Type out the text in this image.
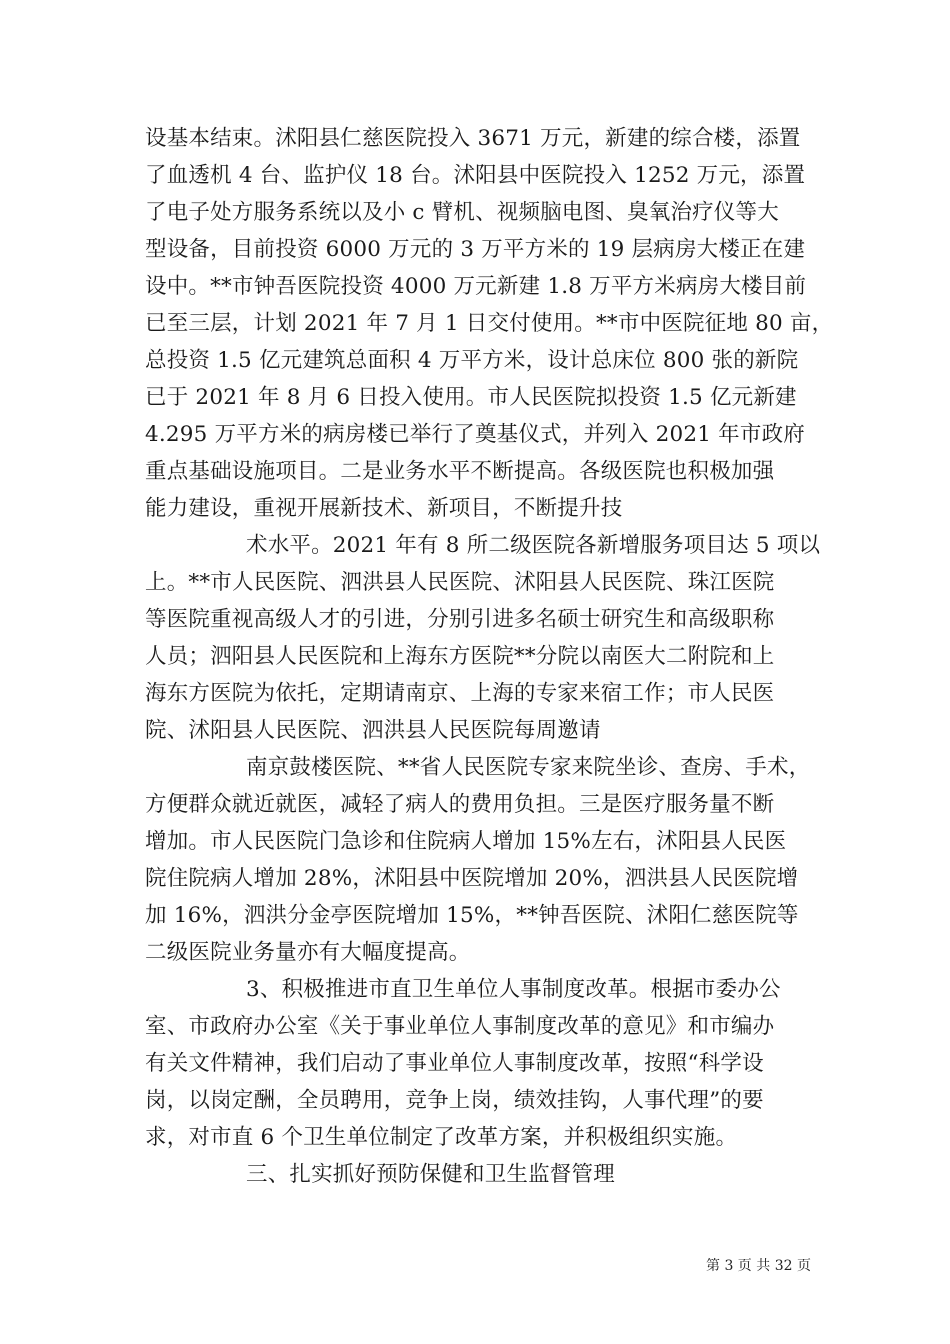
设基本结束。沭阳县仁慈医院投入 3671 万元，新建的综合楼，添置
了血透机 4 台、监护仪 18 台。沭阳县中医院投入 1252 万元，添置
了电子处方服务系统以及小 c 臂机、视频脑电图、臭氧治疗仪等大
型设备，目前投资 6000 万元的 3 万平方米的 19 层病房大楼正在建
设中。**市钟吾医院投资 4000 万元新建 1.8 万平方米病房大楼目前
已至三层，计划 2021 年 7 月 1 日交付使用。**市中医院征地 80 亩，
总投资 1.5 亿元建筑总面积 4 万平方米，设计总床位 800 张的新院
已于 2021 年 8 月 6 日投入使用。市人民医院拟投资 1.5 亿元新建
4.295 万平方米的病房楼已举行了奠基仪式，并列入 2021 年市政府
重点基础设施项目。二是业务水平不断提高。各级医院也积极加强
能力建设，重视开展新技术、新项目，不断提升技
术水平。2021 年有 8 所二级医院各新增服务项目达 5 项以
上。**市人民医院、泗洪县人民医院、沭阳县人民医院、珠江医院
等医院重视高级人才的引进，分别引进多名硕士研究生和高级职称
人员；泗阳县人民医院和上海东方医院**分院以南医大二附院和上
海东方医院为依托，定期请南京、上海的专家来宿工作；市人民医
院、沭阳县人民医院、泗洪县人民医院每周邀请
南京鼓楼医院、**省人民医院专家来院坐诊、查房、手术，
方便群众就近就医，减轻了病人的费用负担。三是医疗服务量不断
增加。市人民医院门急诊和住院病人增加 15%左右，沭阳县人民医
院住院病人增加 28%，沭阳县中医院增加 20%，泗洪县人民医院增
加 16%，泗洪分金亭医院增加 15%，**钟吾医院、沭阳仁慈医院等
二级医院业务量亦有大幅度提高。
3、积极推进市直卫生单位人事制度改革。根据市委办公
室、市政府办公室《关于事业单位人事制度改革的意见》和市编办
有关文件精神，我们启动了事业单位人事制度改革，按照“科学设
岗，以岗定酬，全员聘用，竞争上岗，绩效挂钩，人事代理”的要
求，对市直 6 个卫生单位制定了改革方案，并积极组织实施。
三、扎实抓好预防保健和卫生监督管理
第 3 页 共 32 页
